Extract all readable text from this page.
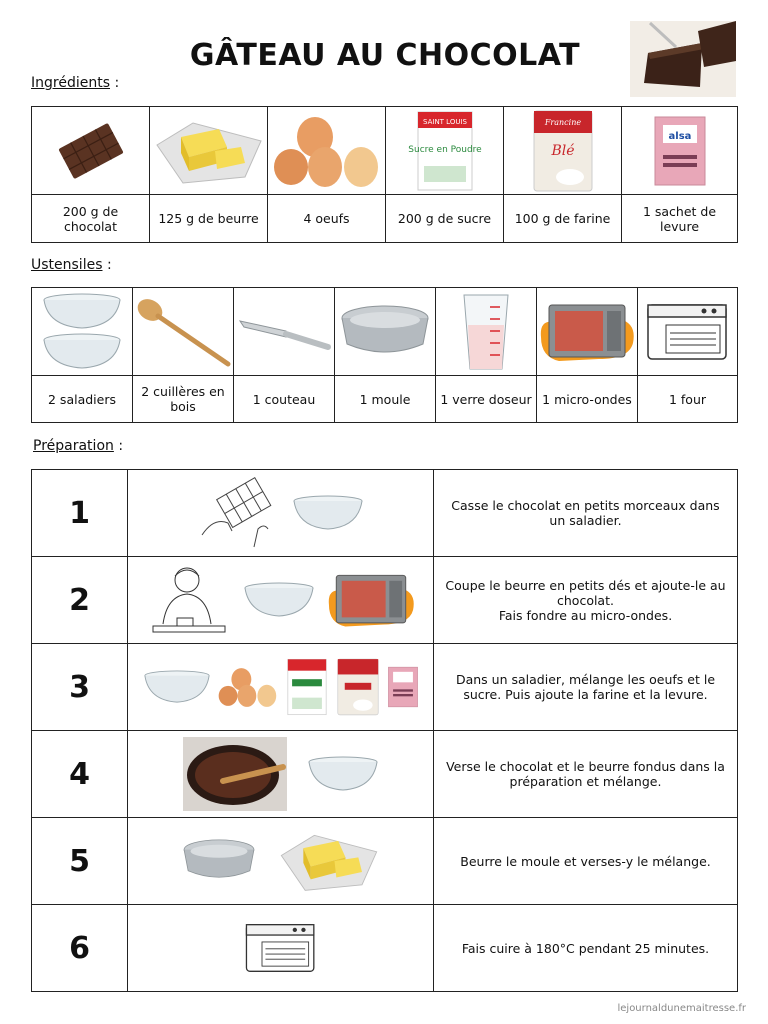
GÂTEAU AU CHOCOLAT
Ingrédients :

SAINT LOUIS
Sucre en Poudre	Francine
Blé	alsa

200 g de chocolat	125 g de beurre	4 oeufs	200 g de sucre	100 g de farine	1 sachet de levure
Ustensiles :

2 saladiers	2 cuillères en bois	1 couteau	1 moule	1 verre doseur	1 micro-ondes	1 four
Préparation :
1		Casse le chocolat en petits morceaux dans un saladier.
2		Coupe le beurre en petits dés et ajoute-le au chocolat.
Fais fondre au micro-ondes.

3		Dans un saladier, mélange les oeufs et le sucre. Puis ajoute la farine et la levure.
4		Verse le chocolat et le beurre fondus dans la préparation et mélange.
5		Beurre le moule et verses-y le mélange.
6		Fais cuire à 180°C pendant 25 minutes.
lejournaldunemaitresse.fr
